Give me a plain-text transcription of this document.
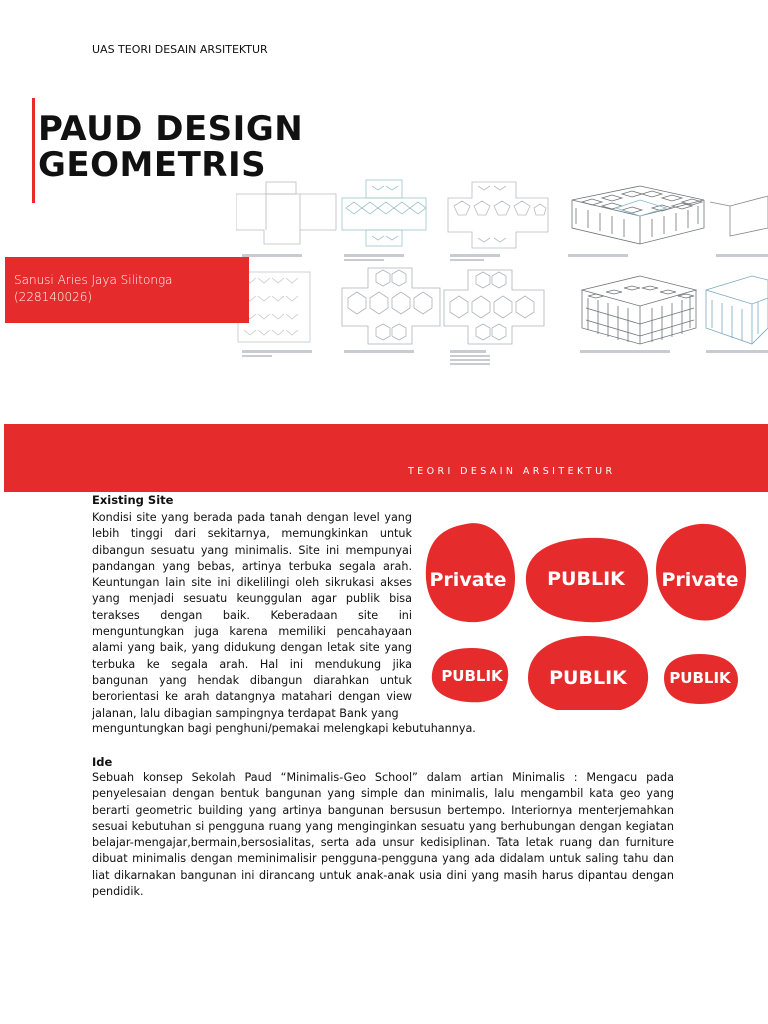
UAS TEORI DESAIN ARSITEKTUR
PAUD DESIGN
GEOMETRIS
Sanusi Aries Jaya Silitonga
(228140026)
TEORI DESAIN ARSITEKTUR
Existing Site
Kondisi site yang berada pada tanah dengan level yang lebih tinggi dari sekitarnya, memungkinkan untuk dibangun sesuatu yang minimalis. Site ini mempunyai pandangan yang bebas, artinya terbuka segala arah. Keuntungan lain site ini dikelilingi oleh sikrukasi akses yang menjadi sesuatu keunggulan agar publik bisa terakses dengan baik. Keberadaan site ini menguntungkan juga karena memiliki pencahayaan alami yang baik, yang didukung dengan letak site yang terbuka ke segala arah. Hal ini mendukung jika bangunan yang hendak dibangun diarahkan untuk berorientasi ke arah datangnya matahari dengan view jalanan, lalu dibagian sampingnya terdapat Bank yang
menguntungkan bagi penghuni/pemakai melengkapi kebutuhannya.
Private PUBLIK Private
PUBLIK PUBLIK	PUBLIK
Ide
Sebuah konsep Sekolah Paud “Minimalis-Geo School” dalam artian Minimalis : Mengacu pada penyelesaian dengan bentuk bangunan yang simple dan minimalis, lalu mengambil kata geo yang berarti geometric building yang artinya bangunan bersusun bertempo. Interiornya menterjemahkan sesuai kebutuhan si pengguna ruang yang menginginkan sesuatu yang berhubungan dengan kegiatan belajar-mengajar,bermain,bersosialitas, serta ada unsur kedisiplinan. Tata letak ruang dan furniture dibuat minimalis dengan meminimalisir pengguna-pengguna yang ada didalam untuk saling tahu dan liat dikarnakan bangunan ini dirancang untuk anak-anak usia dini yang masih harus dipantau dengan pendidik.
